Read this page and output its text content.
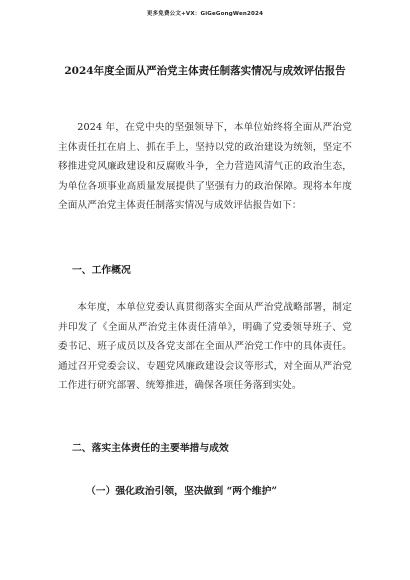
更多免费公文+VX：GiGeGongWen2024
2024年度全面从严治党主体责任制落实情况与成效评估报告
2024 年，在党中央的坚强领导下，本单位始终将全面从严治党主体责任扛在肩上、抓在手上，坚持以党的政治建设为统领，坚定不移推进党风廉政建设和反腐败斗争，全力营造风清气正的政治生态，为单位各项事业高质量发展提供了坚强有力的政治保障。现将本年度全面从严治党主体责任制落实情况与成效评估报告如下：
一、工作概况
本年度，本单位党委认真贯彻落实全面从严治党战略部署，制定并印发了《全面从严治党主体责任清单》，明确了党委领导班子、党委书记、班子成员以及各党支部在全面从严治党工作中的具体责任。通过召开党委会议、专题党风廉政建设会议等形式，对全面从严治党工作进行研究部署、统筹推进，确保各项任务落到实处。
二、落实主体责任的主要举措与成效
（一）强化政治引领，坚决做到 “两个维护”
